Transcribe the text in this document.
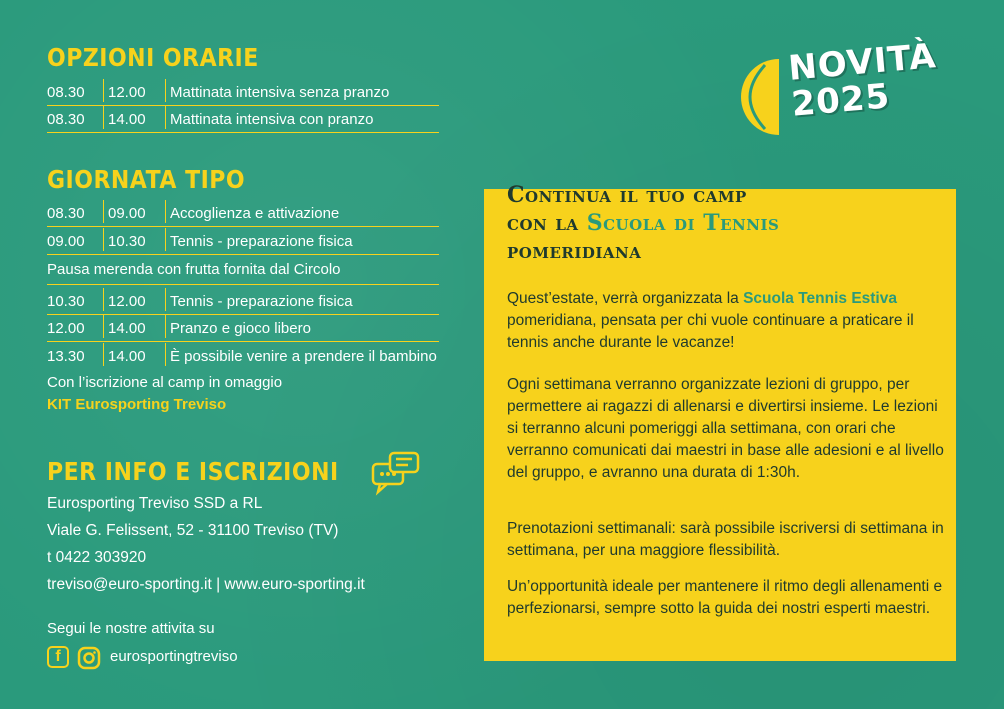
OPZIONI ORARIE
08.30	12.00	Mattinata intensiva senza pranzo
08.30	14.00	Mattinata intensiva con pranzo
GIORNATA TIPO
08.30	09.00	Accoglienza e attivazione
09.00	10.30	Tennis - preparazione fisica
Pausa merenda con frutta fornita dal Circolo
10.30	12.00	Tennis - preparazione fisica
12.00	14.00	Pranzo e gioco libero
13.30	14.00	È possibile venire a prendere il bambino
Con l’iscrizione al camp in omaggio
KIT Eurosporting Treviso
PER INFO E ISCRIZIONI
Eurosporting Treviso SSD a RL
Viale G. Felissent, 52 - 31100 Treviso (TV)
t 0422 303920
treviso@euro-sporting.it | www.euro-sporting.it
Segui le nostre attivita su
f	eurosportingtreviso
NOVITÀ
2025
Continua il tuo camp
con la Scuola di Tennis
pomeridiana

Quest’estate, verrà organizzata la Scuola Tennis Estiva pomeridiana, pensata per chi vuole continuare a praticare il tennis anche durante le vacanze!

Ogni settimana verranno organizzate lezioni di gruppo, per permettere ai ragazzi di allenarsi e divertirsi insieme. Le lezioni si terranno alcuni pomeriggi alla settimana, con orari che verranno comunicati dai maestri in base alle adesioni e al livello del gruppo, e avranno una durata di 1:30h.

Prenotazioni settimanali: sarà possibile iscriversi di settimana in settimana, per una maggiore flessibilità.

Un’opportunità ideale per mantenere il ritmo degli allenamenti e perfezionarsi, sempre sotto la guida dei nostri esperti maestri.
